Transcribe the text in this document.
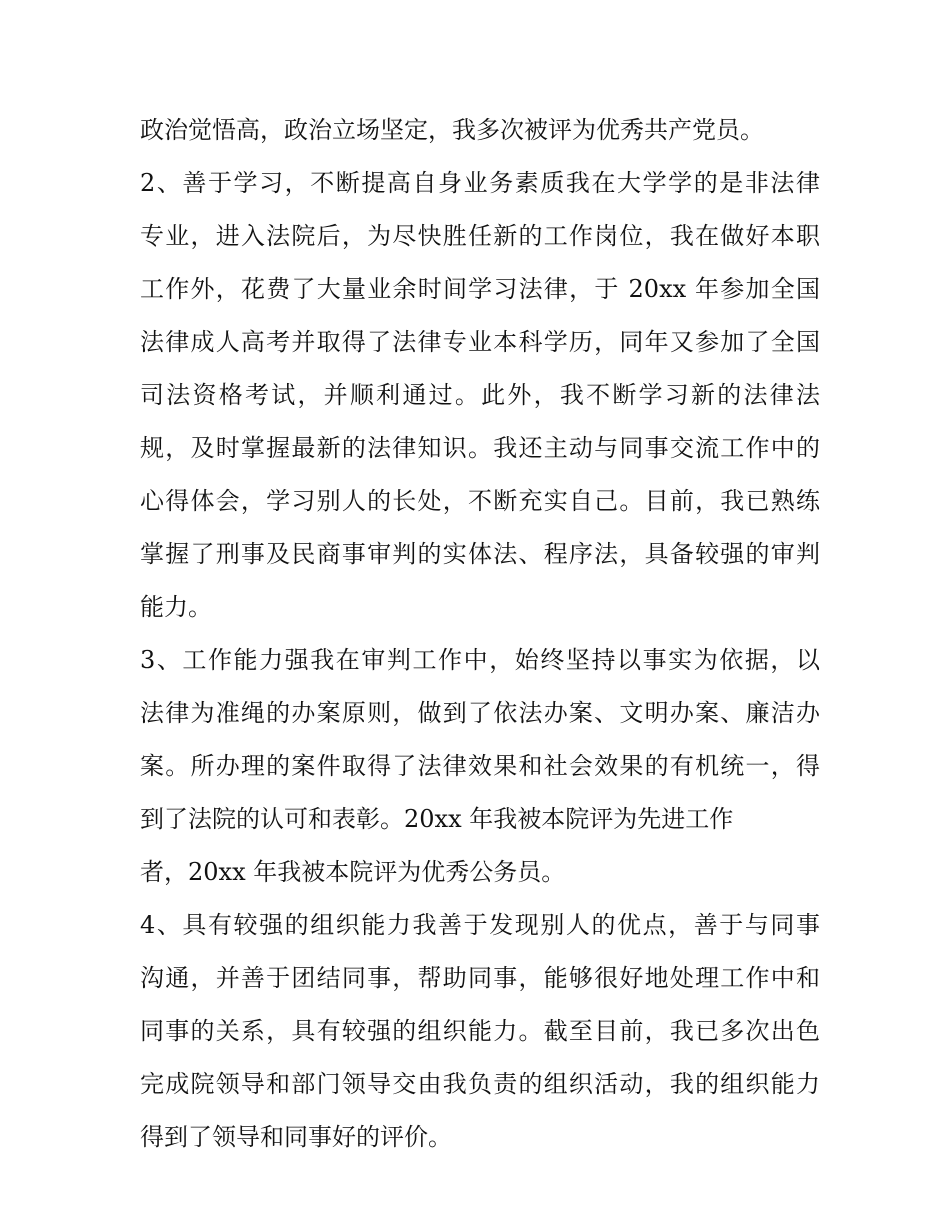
政治觉悟高，政治立场坚定，我多次被评为优秀共产党员。
2、善于学习，不断提高自身业务素质我在大学学的是非法律
专业，进入法院后，为尽快胜任新的工作岗位，我在做好本职
工作外，花费了大量业余时间学习法律，于 20xx 年参加全国
法律成人高考并取得了法律专业本科学历，同年又参加了全国
司法资格考试，并顺利通过。此外，我不断学习新的法律法
规，及时掌握最新的法律知识。我还主动与同事交流工作中的
心得体会，学习别人的长处，不断充实自己。目前，我已熟练
掌握了刑事及民商事审判的实体法、程序法，具备较强的审判
能力。
3、工作能力强我在审判工作中，始终坚持以事实为依据，以
法律为准绳的办案原则，做到了依法办案、文明办案、廉洁办
案。所办理的案件取得了法律效果和社会效果的有机统一，得
到了法院的认可和表彰。20xx 年我被本院评为先进工作
者，20xx 年我被本院评为优秀公务员。
4、具有较强的组织能力我善于发现别人的优点，善于与同事
沟通，并善于团结同事，帮助同事，能够很好地处理工作中和
同事的关系，具有较强的组织能力。截至目前，我已多次出色
完成院领导和部门领导交由我负责的组织活动，我的组织能力
得到了领导和同事好的评价。
